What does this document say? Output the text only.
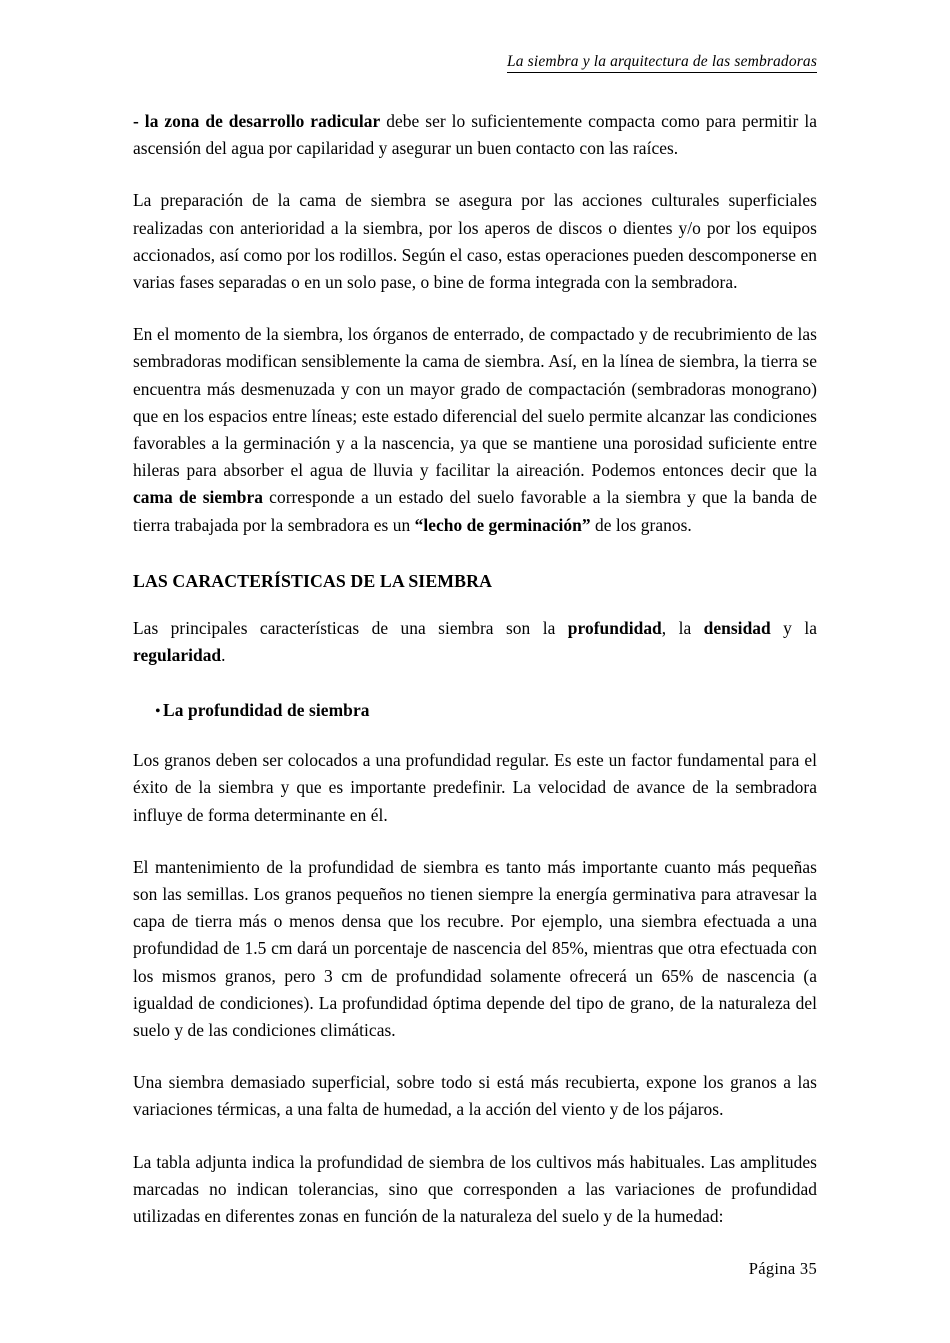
La siembra y la arquitectura de las sembradoras

- la zona de desarrollo radicular debe ser lo suficientemente compacta como para permitir la ascensión del agua por capilaridad y asegurar un buen contacto con las raíces.

La preparación de la cama de siembra se asegura por las acciones culturales superficiales realizadas con anterioridad a la siembra, por los aperos de discos o dientes y/o por los equipos accionados, así como por los rodillos. Según el caso, estas operaciones pueden descomponerse en varias fases separadas o en un solo pase, o bine de forma integrada con la sembradora.

En el momento de la siembra, los órganos de enterrado, de compactado y de recubrimiento de las sembradoras modifican sensiblemente la cama de siembra. Así, en la línea de siembra, la tierra se encuentra más desmenuzada y con un mayor grado de compactación (sembradoras monograno) que en los espacios entre líneas; este estado diferencial del suelo permite alcanzar las condiciones favorables a la germinación y a la nascencia, ya que se mantiene una porosidad suficiente entre hileras para absorber el agua de lluvia y facilitar la aireación. Podemos entonces decir que la cama de siembra corresponde a un estado del suelo favorable a la siembra y que la banda de tierra trabajada por la sembradora es un “lecho de germinación” de los granos.

LAS CARACTERÍSTICAS DE LA SIEMBRA

Las principales características de una siembra son la profundidad, la densidad y la regularidad.

• La profundidad de siembra

Los granos deben ser colocados a una profundidad regular. Es este un factor fundamental para el éxito de la siembra y que es importante predefinir. La velocidad de avance de la sembradora influye de forma determinante en él.

El mantenimiento de la profundidad de siembra es tanto más importante cuanto más pequeñas son las semillas. Los granos pequeños no tienen siempre la energía germinativa para atravesar la capa de tierra más o menos densa que los recubre. Por ejemplo, una siembra efectuada a una profundidad de 1.5 cm dará un porcentaje de nascencia del 85%, mientras que otra efectuada con los mismos granos, pero 3 cm de profundidad solamente ofrecerá un 65% de nascencia (a igualdad de condiciones). La profundidad óptima depende del tipo de grano, de la naturaleza del suelo y de las condiciones climáticas.

Una siembra demasiado superficial, sobre todo si está más recubierta, expone los granos a las variaciones térmicas, a una falta de humedad, a la acción del viento y de los pájaros.

La tabla adjunta indica la profundidad de siembra de los cultivos más habituales. Las amplitudes marcadas no indican tolerancias, sino que corresponden a las variaciones de profundidad utilizadas en diferentes zonas en función de la naturaleza del suelo y de la humedad:

Página 35
